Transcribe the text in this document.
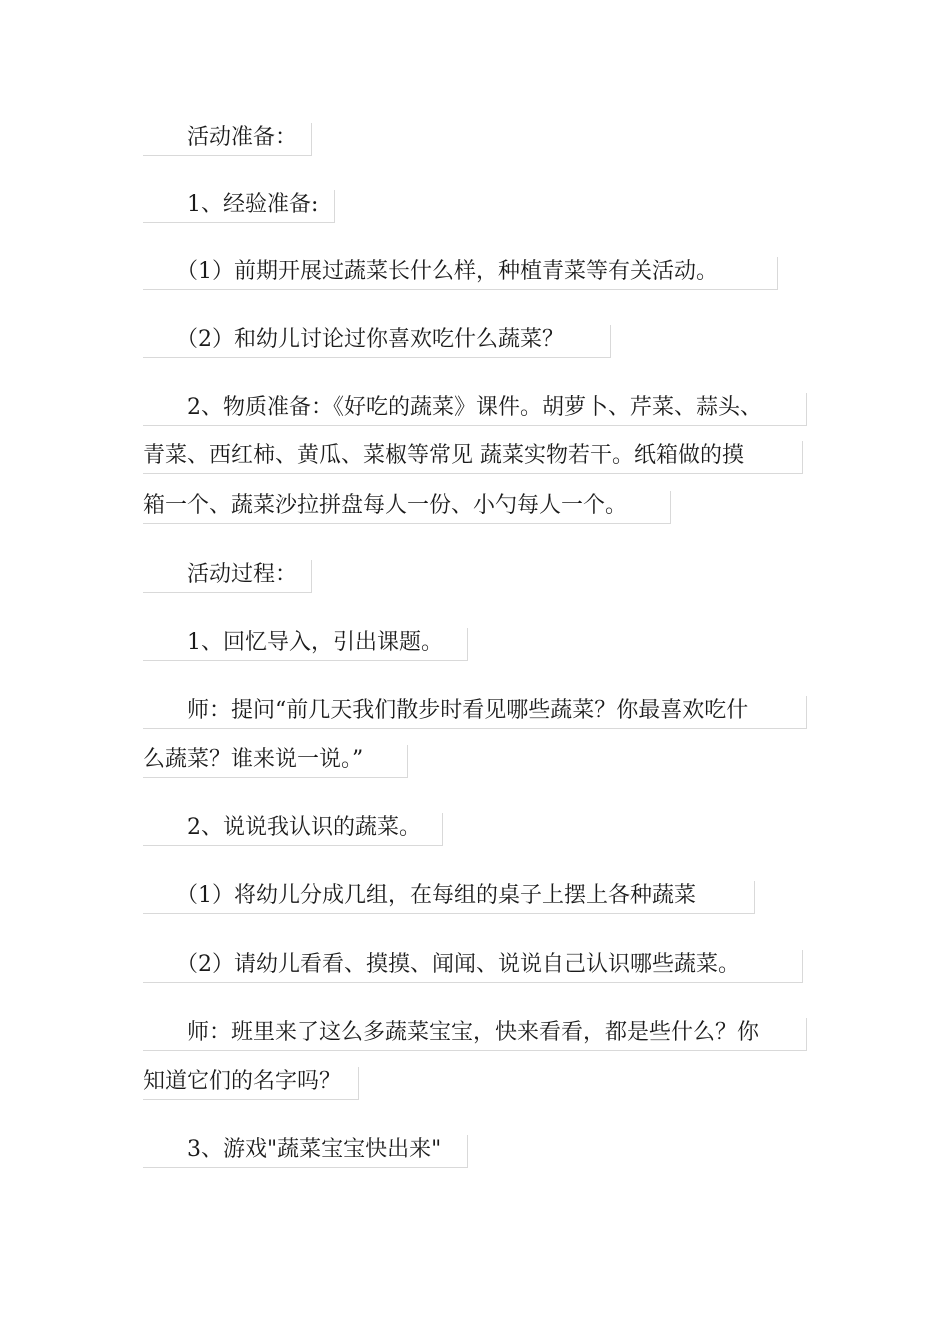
　　活动准备：
　　1、经验准备:
　　（1）前期开展过蔬菜长什么样，种植青菜等有关活动。
　　（2）和幼儿讨论过你喜欢吃什么蔬菜？
　　2、物质准备：《好吃的蔬菜》课件。胡萝卜、芹菜、蒜头、
青菜、西红柿、黄瓜、菜椒等常见 蔬菜实物若干。纸箱做的摸
箱一个、蔬菜沙拉拼盘每人一份、小勺每人一个。
　　活动过程：
　　1、回忆导入，引出课题。
　　师：提问“前几天我们散步时看见哪些蔬菜？你最喜欢吃什
么蔬菜？谁来说一说。”
　　2、说说我认识的蔬菜。
　　（1）将幼儿分成几组，在每组的桌子上摆上各种蔬菜
　　（2）请幼儿看看、摸摸、闻闻、说说自己认识哪些蔬菜。
　　师：班里来了这么多蔬菜宝宝，快来看看，都是些什么？你
知道它们的名字吗？
　　3、游戏"蔬菜宝宝快出来"
